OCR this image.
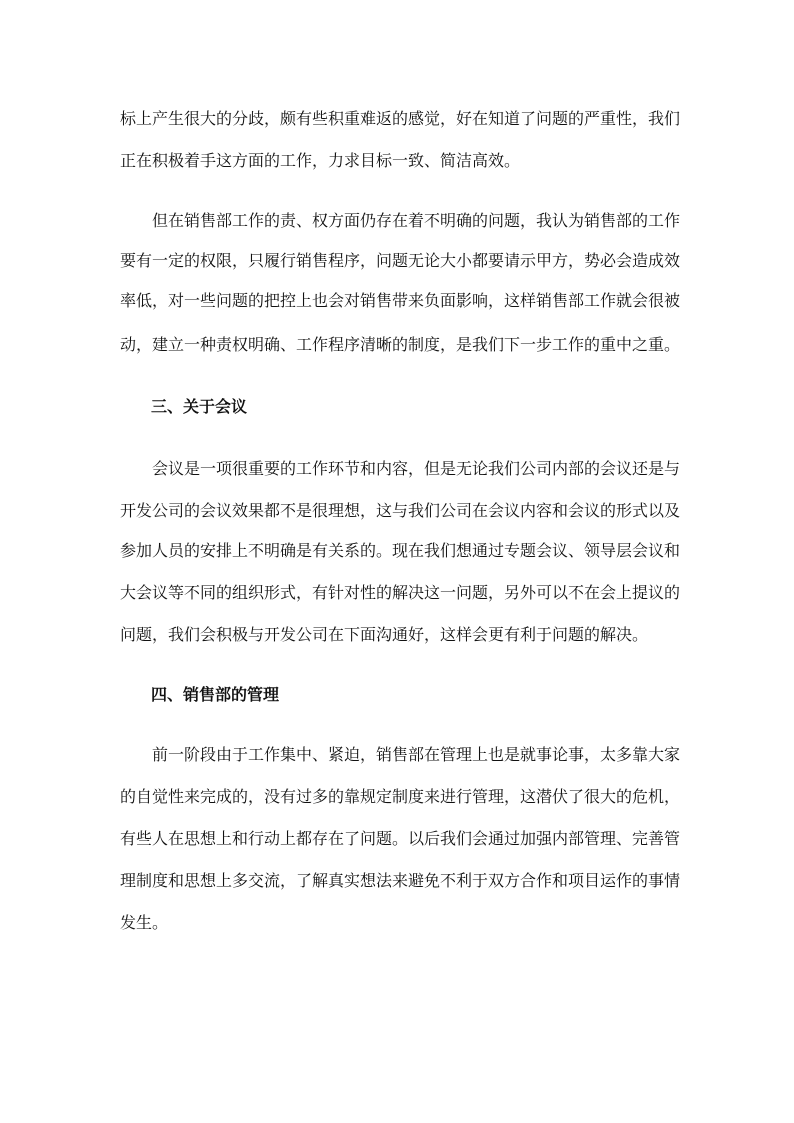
标上产生很大的分歧，颇有些积重难返的感觉，好在知道了问题的严重性，我们
正在积极着手这方面的工作，力求目标一致、简洁高效。
但在销售部工作的责、权方面仍存在着不明确的问题，我认为销售部的工作
要有一定的权限，只履行销售程序，问题无论大小都要请示甲方，势必会造成效
率低，对一些问题的把控上也会对销售带来负面影响，这样销售部工作就会很被
动，建立一种责权明确、工作程序清晰的制度，是我们下一步工作的重中之重。
三、关于会议
会议是一项很重要的工作环节和内容，但是无论我们公司内部的会议还是与
开发公司的会议效果都不是很理想，这与我们公司在会议内容和会议的形式以及
参加人员的安排上不明确是有关系的。现在我们想通过专题会议、领导层会议和
大会议等不同的组织形式，有针对性的解决这一问题，另外可以不在会上提议的
问题，我们会积极与开发公司在下面沟通好，这样会更有利于问题的解决。
四、销售部的管理
前一阶段由于工作集中、紧迫，销售部在管理上也是就事论事，太多靠大家
的自觉性来完成的，没有过多的靠规定制度来进行管理，这潜伏了很大的危机，
有些人在思想上和行动上都存在了问题。以后我们会通过加强内部管理、完善管
理制度和思想上多交流，了解真实想法来避免不利于双方合作和项目运作的事情
发生。
